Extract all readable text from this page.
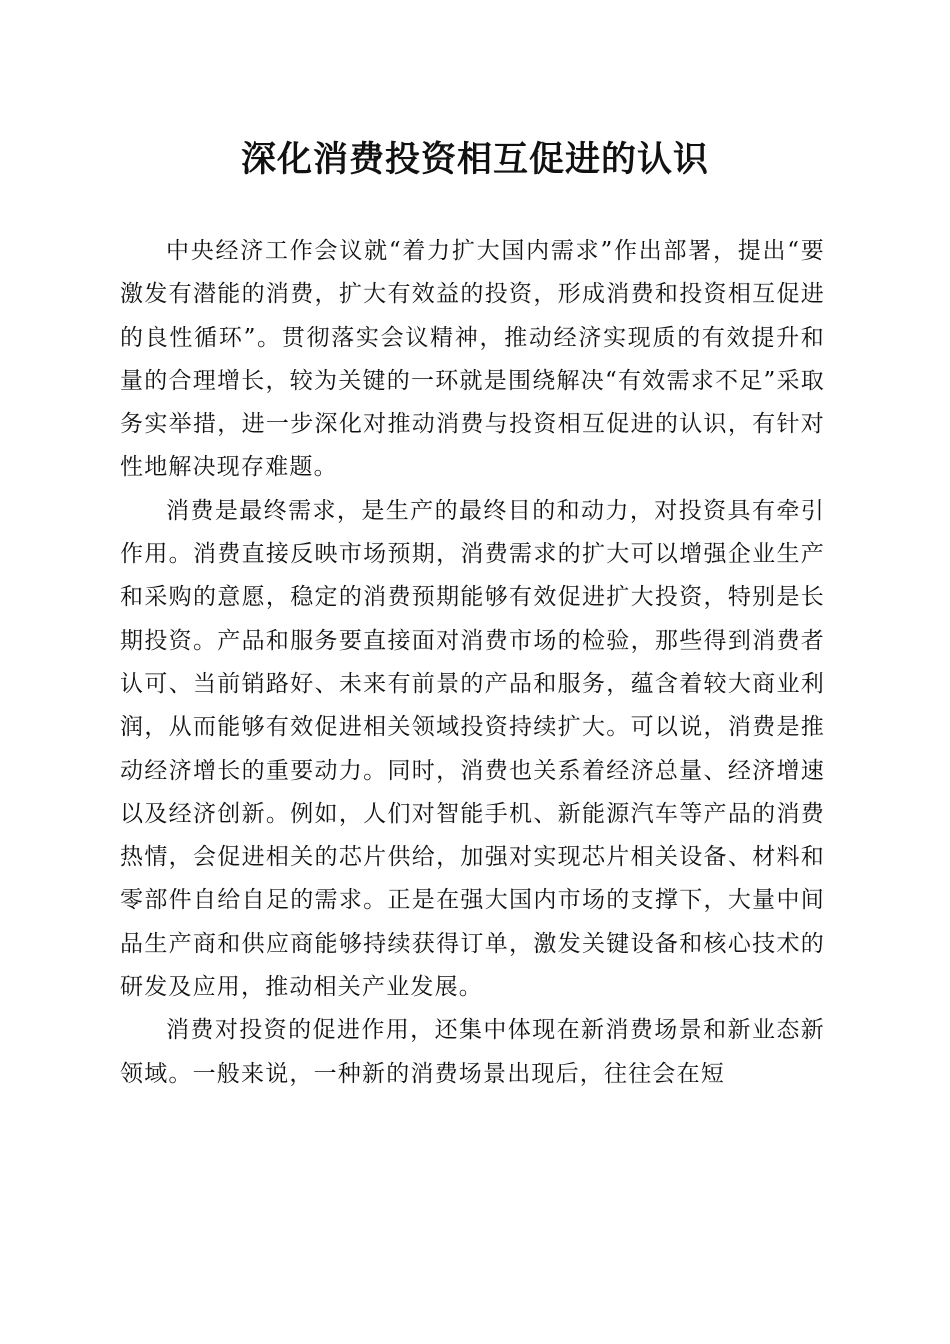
深化消费投资相互促进的认识

中央经济工作会议就“着力扩大国内需求”作出部署，提出“要激发有潜能的消费，扩大有效益的投资，形成消费和投资相互促进的良性循环”。贯彻落实会议精神，推动经济实现质的有效提升和量的合理增长，较为关键的一环就是围绕解决“有效需求不足”采取务实举措，进一步深化对推动消费与投资相互促进的认识，有针对性地解决现存难题。

消费是最终需求，是生产的最终目的和动力，对投资具有牵引作用。消费直接反映市场预期，消费需求的扩大可以增强企业生产和采购的意愿，稳定的消费预期能够有效促进扩大投资，特别是长期投资。产品和服务要直接面对消费市场的检验，那些得到消费者认可、当前销路好、未来有前景的产品和服务，蕴含着较大商业利润，从而能够有效促进相关领域投资持续扩大。可以说，消费是推动经济增长的重要动力。同时，消费也关系着经济总量、经济增速以及经济创新。例如，人们对智能手机、新能源汽车等产品的消费热情，会促进相关的芯片供给，加强对实现芯片相关设备、材料和零部件自给自足的需求。正是在强大国内市场的支撑下，大量中间品生产商和供应商能够持续获得订单，激发关键设备和核心技术的研发及应用，推动相关产业发展。

消费对投资的促进作用，还集中体现在新消费场景和新业态新领域。一般来说，一种新的消费场景出现后，往往会在短
